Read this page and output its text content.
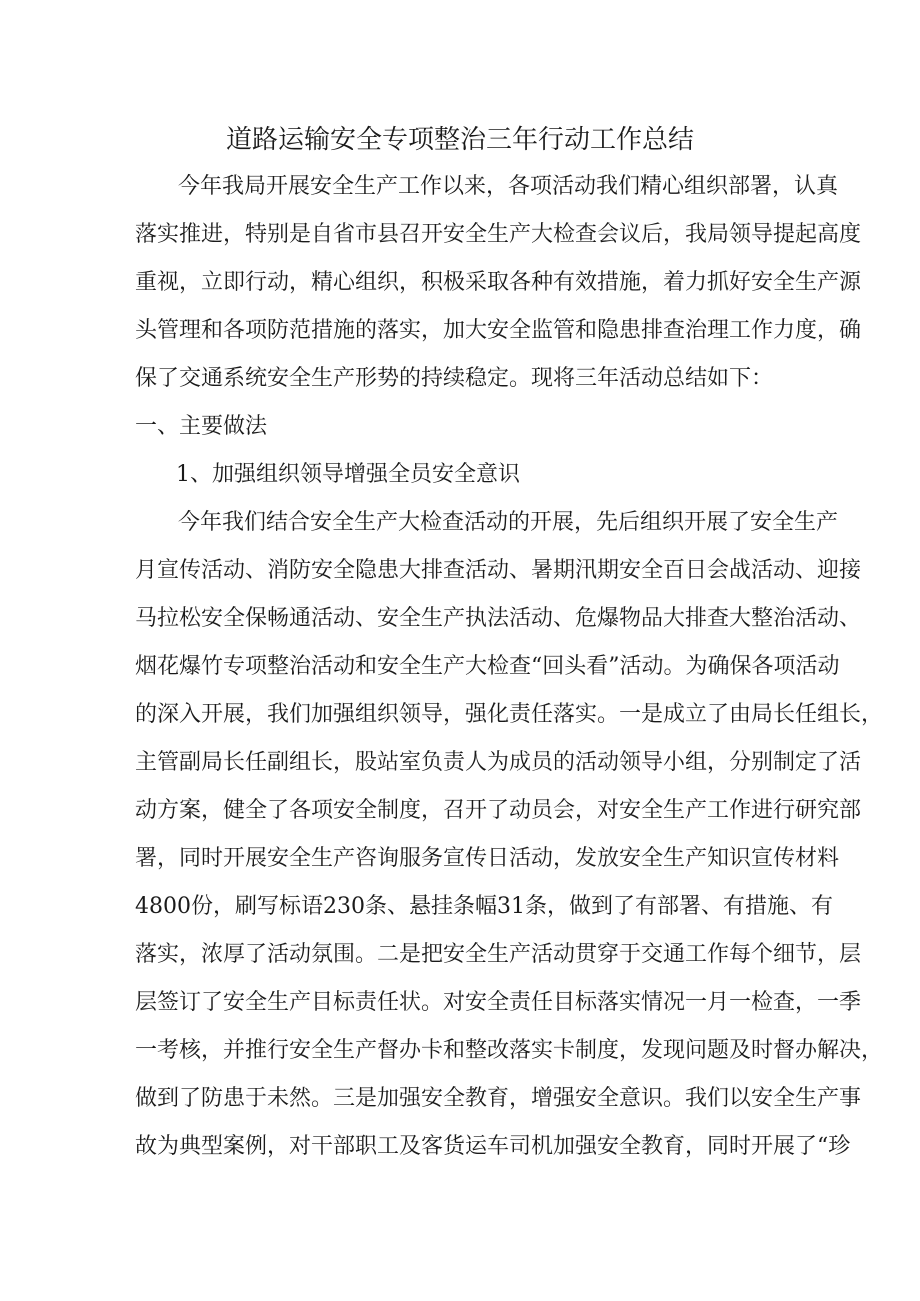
道路运输安全专项整治三年行动工作总结
今年我局开展安全生产工作以来，各项活动我们精心组织部署，认真
落实推进，特别是自省市县召开安全生产大检查会议后，我局领导提起高度
重视，立即行动，精心组织，积极采取各种有效措施，着力抓好安全生产源
头管理和各项防范措施的落实，加大安全监管和隐患排查治理工作力度，确
保了交通系统安全生产形势的持续稳定。现将三年活动总结如下：
一、主要做法
1、加强组织领导增强全员安全意识
今年我们结合安全生产大检查活动的开展，先后组织开展了安全生产
月宣传活动、消防安全隐患大排查活动、暑期汛期安全百日会战活动、迎接
马拉松安全保畅通活动、安全生产执法活动、危爆物品大排查大整治活动、
烟花爆竹专项整治活动和安全生产大检查“回头看”活动。为确保各项活动
的深入开展，我们加强组织领导，强化责任落实。一是成立了由局长任组长，
主管副局长任副组长，股站室负责人为成员的活动领导小组，分别制定了活
动方案，健全了各项安全制度，召开了动员会，对安全生产工作进行研究部
署，同时开展安全生产咨询服务宣传日活动，发放安全生产知识宣传材料
4800份，刷写标语230条、悬挂条幅31条，做到了有部署、有措施、有
落实，浓厚了活动氛围。二是把安全生产活动贯穿于交通工作每个细节，层
层签订了安全生产目标责任状。对安全责任目标落实情况一月一检查，一季
一考核，并推行安全生产督办卡和整改落实卡制度，发现问题及时督办解决，
做到了防患于未然。三是加强安全教育，增强安全意识。我们以安全生产事
故为典型案例，对干部职工及客货运车司机加强安全教育，同时开展了“珍
